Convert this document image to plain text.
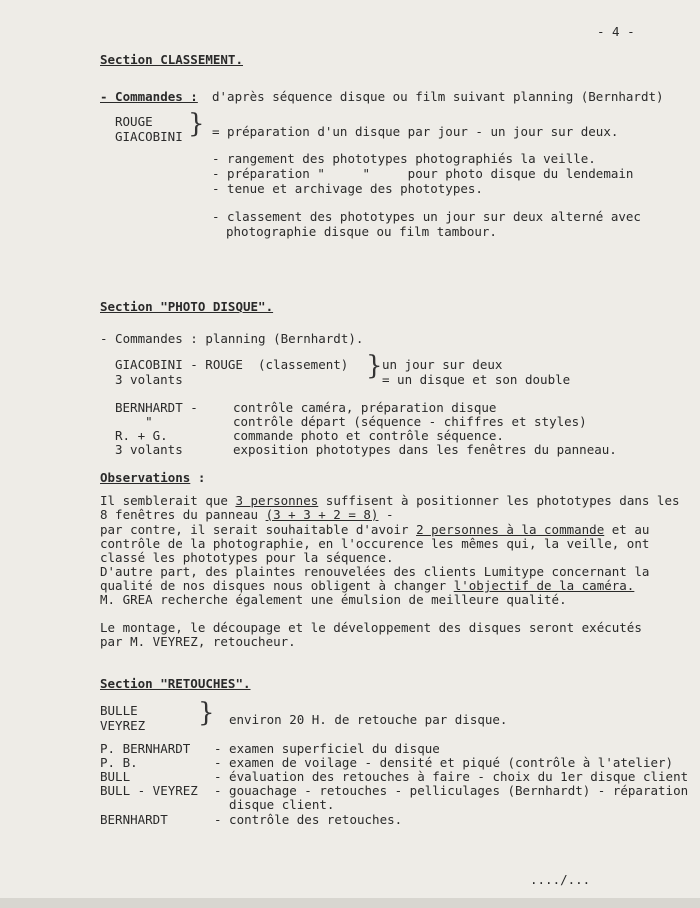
- 4 -
Section CLASSEMENT.
- Commandes : d'après séquence disque ou film suivant planning (Bernhardt)
ROUGE
GIACOBINI } = préparation d'un disque par jour - un jour sur deux.
- rangement des phototypes photographiés la veille.
- préparation "     "     pour photo disque du lendemain
- tenue et archivage des phototypes.
- classement des phototypes un jour sur deux alterné avec
photographie disque ou film tambour.
Section "PHOTO DISQUE".
- Commandes : planning (Bernhardt).
GIACOBINI - ROUGE  (classement)
3 volants	} un jour sur deux
= un disque et son double
BERNHARDT -	contrôle caméra, préparation disque
"	contrôle départ (séquence - chiffres et styles)
R. + G.	commande photo et contrôle séquence.
3 volants	exposition phototypes dans les fenêtres du panneau.
Observations :
Il semblerait que 3 personnes suffisent à positionner les phototypes dans les
8 fenêtres du panneau (3 + 3 + 2 = 8) -
par contre, il serait souhaitable d'avoir 2 personnes à la commande et au
contrôle de la photographie, en l'occurence les mêmes qui, la veille, ont
classé les phototypes pour la séquence.
D'autre part, des plaintes renouvelées des clients Lumitype concernant la
qualité de nos disques nous obligent à changer l'objectif de la caméra.
M. GREA recherche également une émulsion de meilleure qualité.
Le montage, le découpage et le développement des disques seront exécutés
par M. VEYREZ, retoucheur.
Section "RETOUCHES".
BULLE
VEYREZ } environ 20 H. de retouche par disque.
P. BERNHARDT - examen superficiel du disque
P. B.	- examen de voilage - densité et piqué (contrôle à l'atelier)
BULL	- évaluation des retouches à faire - choix du 1er disque client
BULL - VEYREZ - gouachage - retouches - pelliculages (Bernhardt) - réparation
disque client.
BERNHARDT	- contrôle des retouches.
..../...
